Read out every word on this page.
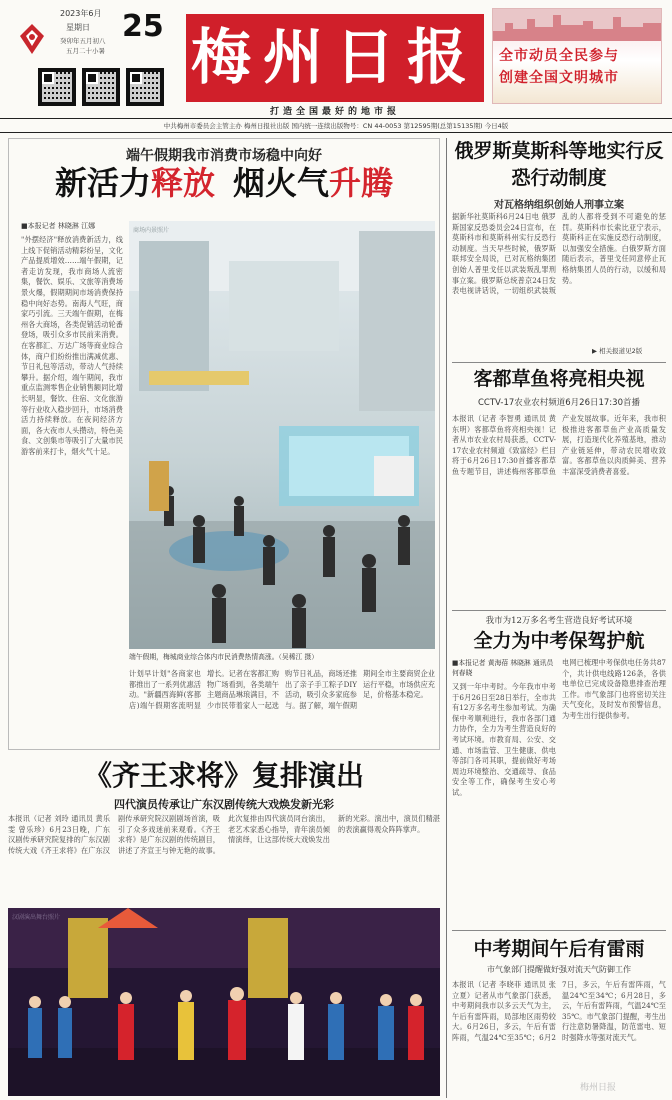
2023年6月
星期日 25
癸卯年五月初八
五月二十小暑 梅州日报
打造全国最好的地市报
全市动员全民参与
创建全国文明城市
中共梅州市委员会主管主办 梅州日报社出版 国内统一连续出版物号：CN 44-0053 第12595期(总第15135期) 今日4版
端午假期我市消费市场稳中向好
新活力释放 烟火气升腾
■本报记者 林晓淋 江娜
"外摆经济"释放消费新活力，线上线下促销活动精彩纷呈，文化产品提质增效……端午假期，记者走访发现，我市商场人流密集，餐饮、娱乐、文旅等消费场景火爆，假期期间市场消费保持稳中向好态势。南海人气旺，商家巧引流。三天端午假期，在梅州各大商场，各类促销活动轮番登场，吸引众多市民前来消费。在客都汇、万达广场等商业综合体，商户们纷纷推出满减优惠、节日礼包等活动，带动人气持续攀升。据介绍，端午期间，我市重点监测零售企业销售额同比增长明显，餐饮、住宿、文化旅游等行业收入稳步回升，市场消费活力持续释放。在夜间经济方面，各大夜市人头攒动，特色美食、文创集市等吸引了大量市民游客前来打卡，烟火气十足。
商场内景照片
端午假期，梅城商业综合体内市民消费热情高涨。（吴稀江 摄）
计划早计划"各商家也都推出了一系列优惠活动。"新疆西海鲜(客都店)端午假期客流明显增长。记者在客都汇购物广场看到，各类端午主题商品琳琅满目，不少市民带着家人一起选购节日礼品，商场还推出了亲子手工粽子DIY活动，吸引众多家庭参与。据了解，端午假期期间全市主要商贸企业运行平稳，市场供应充足，价格基本稳定。
《齐王求将》复排演出
四代演员传承让广东汉剧传统大戏焕发新光彩
本报讯（记者 刘玲 通讯员 黄乐雯 曾乐珍）6月23日晚，广东汉剧传承研究院复排的广东汉剧传统大戏《齐王求将》在广东汉剧传承研究院汉剧剧场首演，吸引了众多戏迷前来观看。《齐王求将》是广东汉剧的传统剧目，讲述了齐宣王与钟无艳的故事。此次复排由四代演员同台演出，老艺术家悉心指导，青年演员倾情演绎，让这部传统大戏焕发出新的光彩。演出中，演员们精湛的表演赢得观众阵阵掌声。
汉剧演出舞台照片
俄罗斯莫斯科等地实行反恐行动制度
对瓦格纳组织创始人刑事立案
据新华社莫斯科6月24日电 俄罗斯国家反恐委员会24日宣布，在莫斯科市和莫斯科州实行反恐行动制度。当天早些时候，俄罗斯联邦安全局说，已对瓦格纳集团创始人普里戈任以武装叛乱罪刑事立案。俄罗斯总统普京24日发表电视讲话说，一切组织武装叛乱的人都将受到不可避免的惩罚。莫斯科市长索比亚宁表示，莫斯科正在实施反恐行动制度，以加强安全措施。白俄罗斯方面随后表示，普里戈任同意停止瓦格纳集团人员的行动，以缓和局势。
▶ 相关报道见2版
客都草鱼将亮相央视
CCTV-17农业农村频道6月26日17:30首播
本报讯（记者 李智勇 通讯员 黄东明）客都草鱼将亮相央视！记者从市农业农村局获悉，CCTV-17农业农村频道《致富经》栏目将于6月26日17:30首播客都草鱼专题节目，讲述梅州客都草鱼产业发展故事。近年来，我市积极推进客都草鱼产业高质量发展，打造现代化养殖基地，推动产业链延伸，带动农民增收致富。客都草鱼以肉质鲜美、营养丰富深受消费者喜爱。
我市为12万多名考生营造良好考试环境
全力为中考保驾护航
■本报记者 黄海蓓 林晓淋 通讯员 何春晓
又到一年中考时。今年我市中考于6月26日至28日举行，全市共有12万多名考生参加考试。为确保中考顺利进行，我市各部门通力协作，全力为考生营造良好的考试环境。市教育局、公安、交通、市场监管、卫生健康、供电等部门各司其职，提前做好考场周边环境整治、交通疏导、食品安全等工作，确保考生安心考试。
电网已梳理中考保供电任务共87个，共计供电线路126条，各供电单位已完成设备隐患排查治理工作。市气象部门也将密切关注天气变化，及时发布预警信息，为考生出行提供参考。
中考期间午后有雷雨
市气象部门提醒做好强对流天气防御工作
本报讯（记者 李晓菲 通讯员 张立夏）记者从市气象部门获悉，中考期间我市以多云天气为主，午后有雷阵雨，局部地区雨势较大。6月26日，多云，午后有雷阵雨，气温24℃至35℃；6月27日，多云，午后有雷阵雨，气温24℃至34℃；6月28日，多云，午后有雷阵雨，气温24℃至35℃。市气象部门提醒，考生出行注意防暑降温，防范雷电、短时强降水等强对流天气。
梅州日报
